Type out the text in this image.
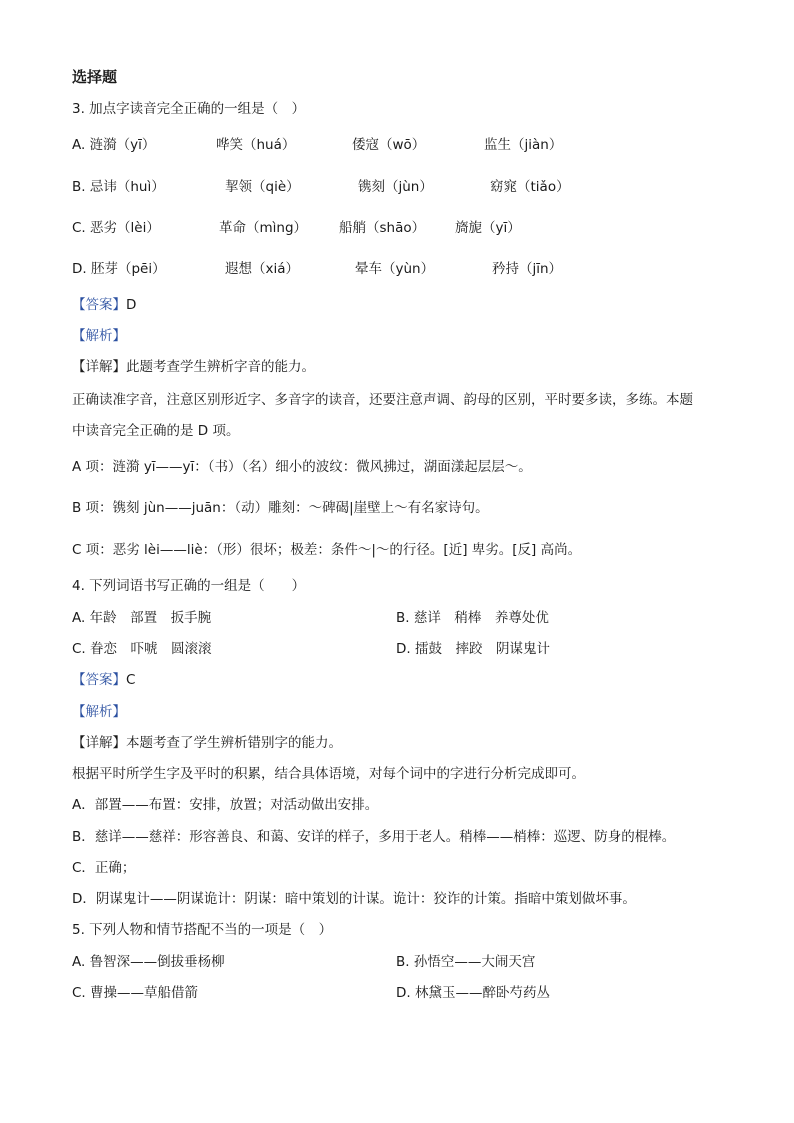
选择题
3. 加点字读音完全正确的一组是（　）
A. 涟漪（yī）	哗笑（huá）	倭寇（wō）	监生（jiàn）
B. 忌讳（huì）	挈领（qiè）	镌刻（jùn）	窈窕（tiǎo）
C. 恶劣（lèi）	革命（mìng） 船艄（shāo） 旖旎（yī）
D. 胚芽（pēi）	遐想（xiá）	晕车（yùn）	矜持（jīn）
【答案】D
【解析】
【详解】此题考查学生辨析字音的能力。
正确读准字音，注意区别形近字、多音字的读音，还要注意声调、韵母的区别，平时要多读，多练。本题
中读音完全正确的是 D 项。
A 项：涟漪 yī——yī：（书）（名）细小的波纹：微风拂过，湖面漾起层层～。
B 项：镌刻 jùn——juān：（动）雕刻：～碑碣|崖壁上～有名家诗句。
C 项：恶劣 lèi——liè：（形）很坏；极差：条件～|～的行径。[近] 卑劣。[反] 高尚。
4. 下列词语书写正确的一组是（　　）
A. 年龄　部置　扳手腕	B. 慈详　稍棒　养尊处优
C. 眷恋　吓唬　圆滚滚	D. 擂鼓　摔跤　阴谋鬼计
【答案】C
【解析】
【详解】本题考查了学生辨析错别字的能力。
根据平时所学生字及平时的积累，结合具体语境，对每个词中的字进行分析完成即可。
A．部置——布置：安排，放置；对活动做出安排。
B．慈详——慈祥：形容善良、和蔼、安详的样子，多用于老人。稍棒——梢棒：巡逻、防身的棍棒。
C．正确；
D．阴谋鬼计——阴谋诡计：阴谋：暗中策划的计谋。诡计：狡诈的计策。指暗中策划做坏事。
5. 下列人物和情节搭配不当的一项是（　）
A. 鲁智深——倒拔垂杨柳	B. 孙悟空——大闹天宫
C. 曹操——草船借箭	D. 林黛玉——醉卧芍药丛
